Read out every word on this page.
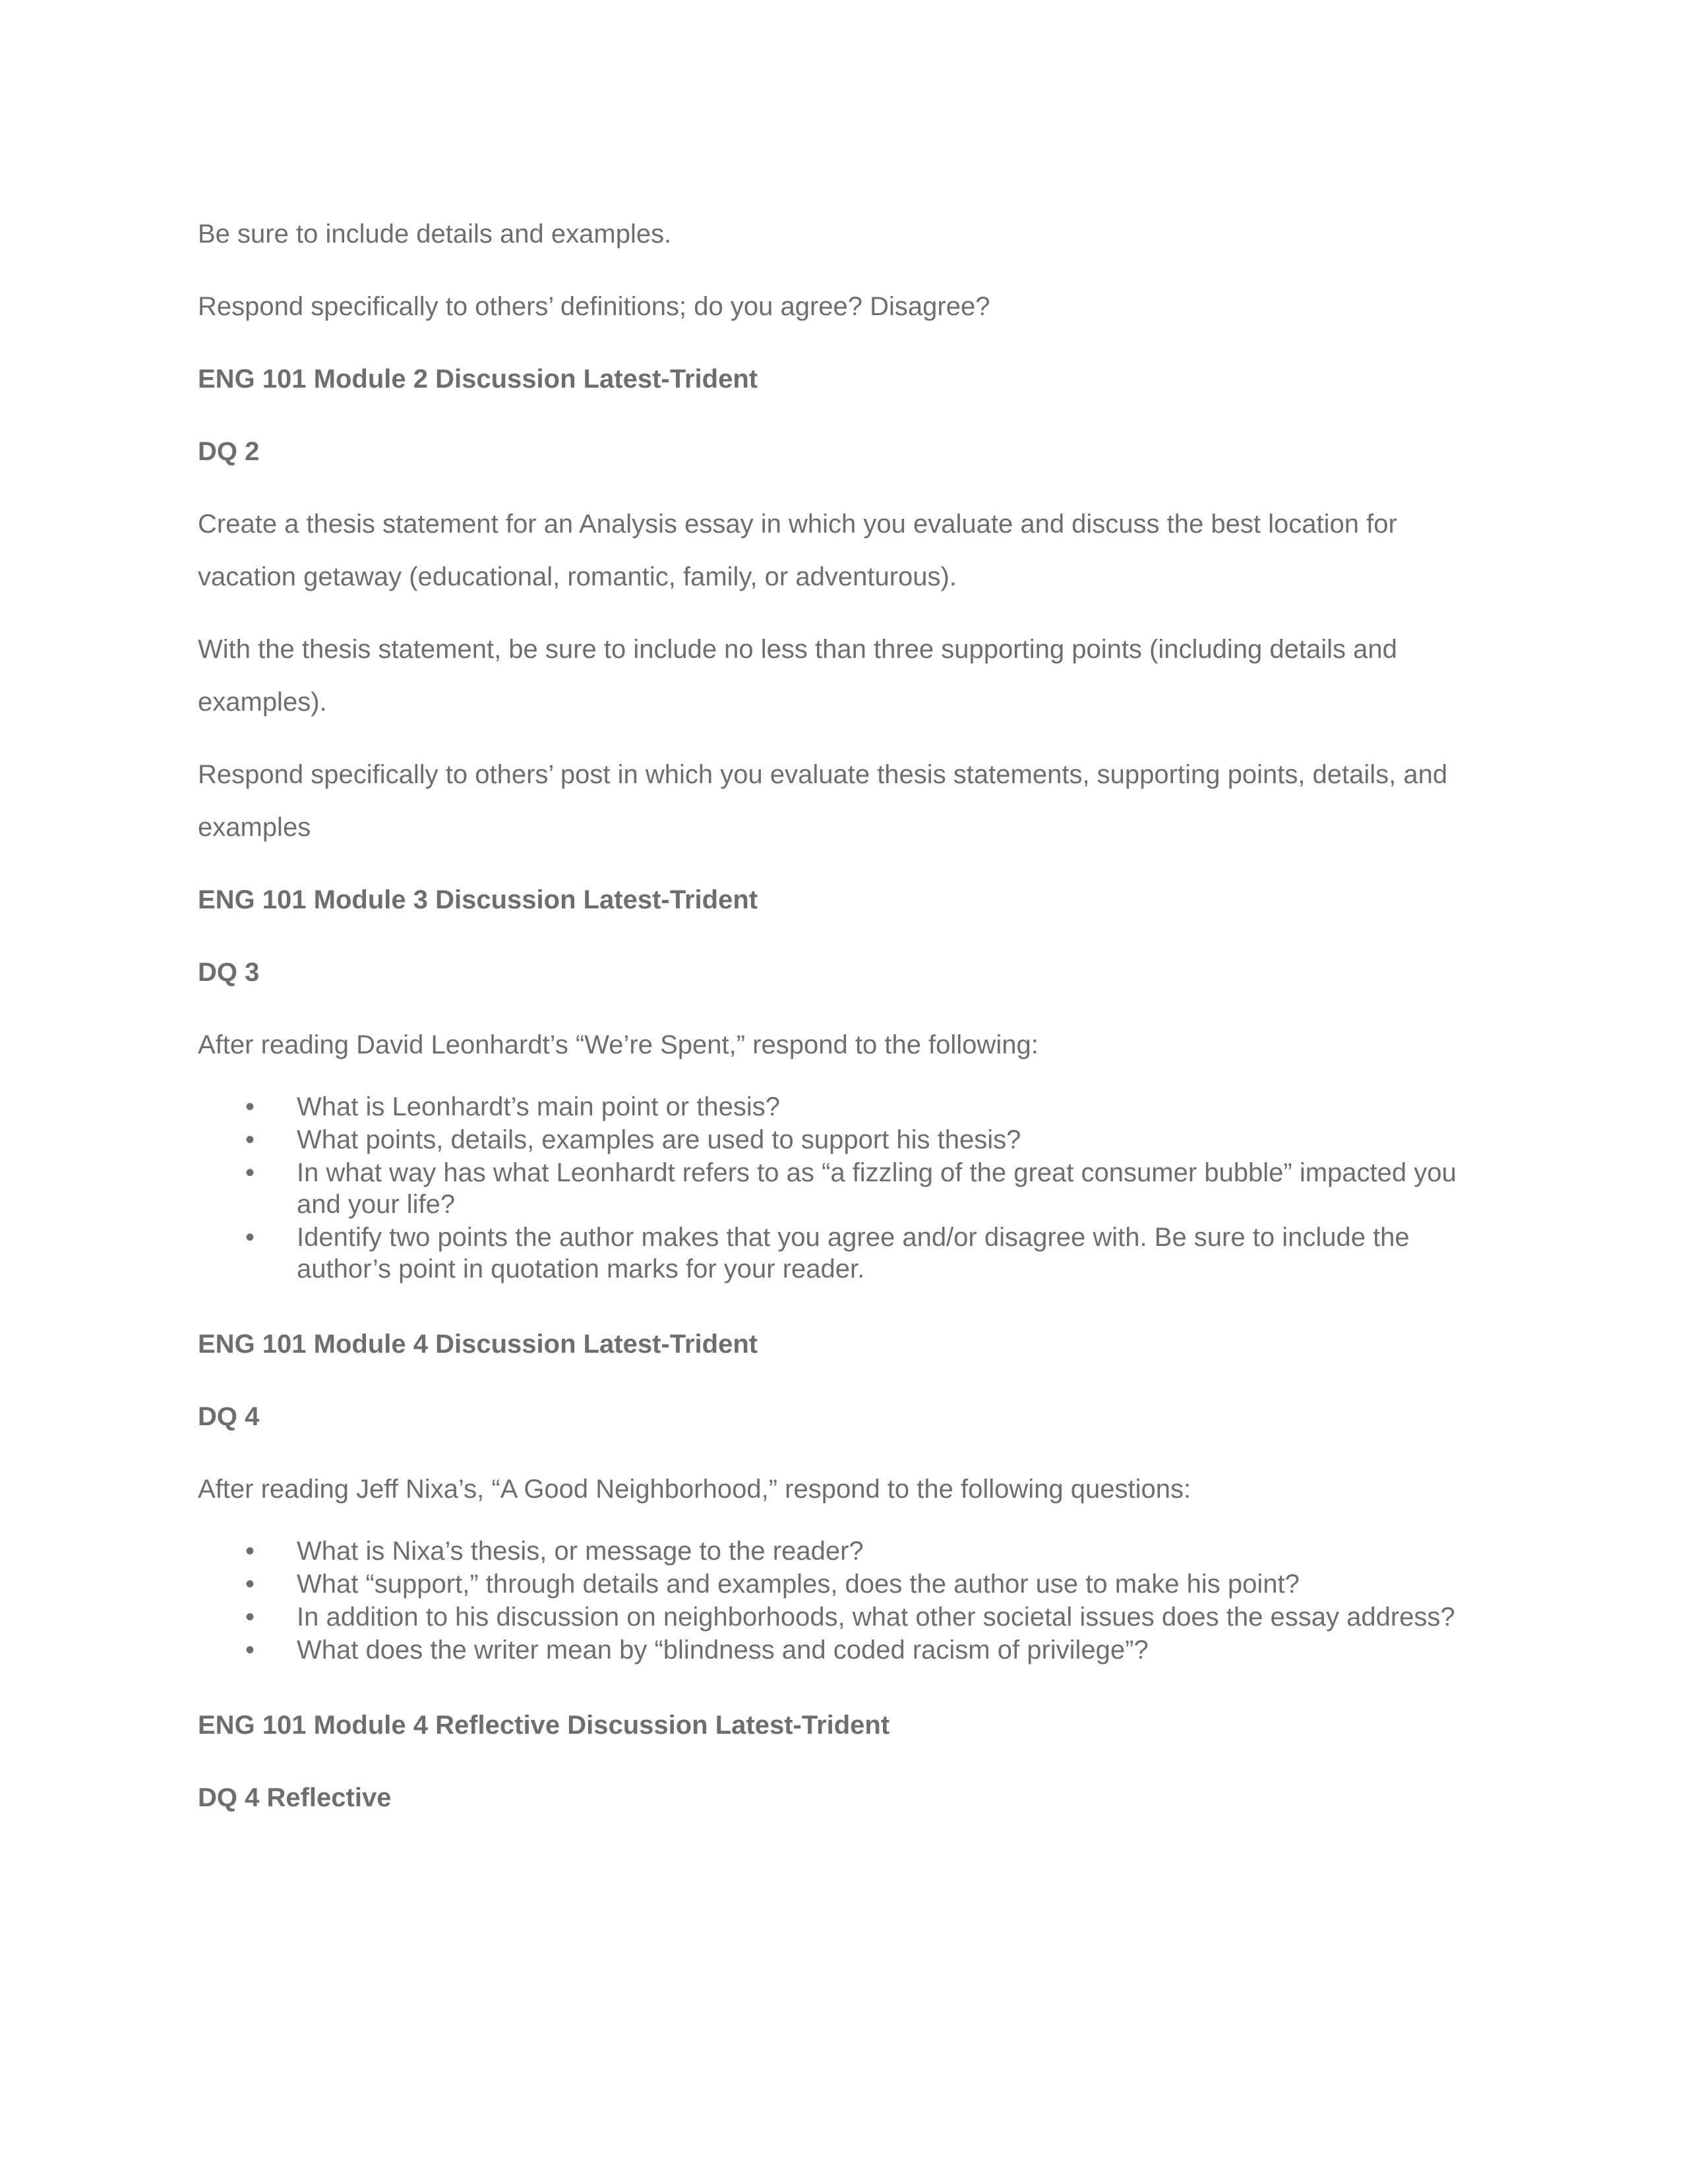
Be sure to include details and examples.

Respond specifically to others’ definitions; do you agree? Disagree?

ENG 101 Module 2 Discussion Latest-Trident

DQ 2

Create a thesis statement for an Analysis essay in which you evaluate and discuss the best location for vacation getaway (educational, romantic, family, or adventurous).

With the thesis statement, be sure to include no less than three supporting points (including details and examples).

Respond specifically to others’ post in which you evaluate thesis statements, supporting points, details, and examples

ENG 101 Module 3 Discussion Latest-Trident

DQ 3

After reading David Leonhardt’s “We’re Spent,” respond to the following:

• What is Leonhardt’s main point or thesis?
• What points, details, examples are used to support his thesis?
• In what way has what Leonhardt refers to as “a fizzling of the great consumer bubble” impacted you and your life?
• Identify two points the author makes that you agree and/or disagree with. Be sure to include the author’s point in quotation marks for your reader.

ENG 101 Module 4 Discussion Latest-Trident

DQ 4

After reading Jeff Nixa’s, “A Good Neighborhood,” respond to the following questions:

• What is Nixa’s thesis, or message to the reader?
• What “support,” through details and examples, does the author use to make his point?
• In addition to his discussion on neighborhoods, what other societal issues does the essay address?
• What does the writer mean by “blindness and coded racism of privilege”?

ENG 101 Module 4 Reflective Discussion Latest-Trident

DQ 4 Reflective
